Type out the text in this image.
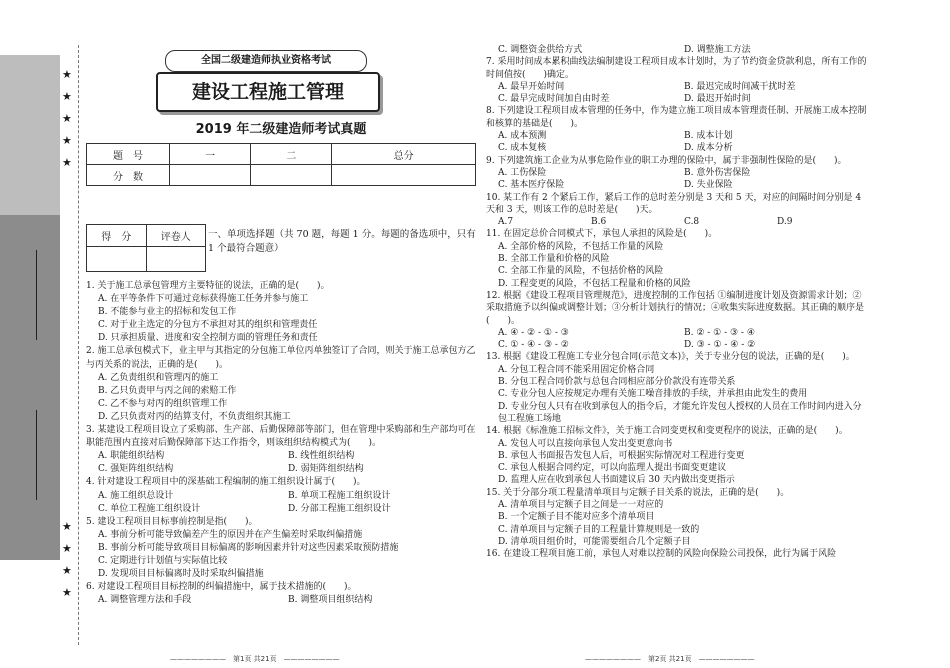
★
★
★
★
★
★
★
★
★
全国二级建造师执业资格考试
建设工程施工管理
2019 年二级建造师考试真题
题　号	一	二	总分
分　数			
得　分	评卷人
	一、单项选择题（共 70 题，每题 1 分。每题的备选项中，只有 1 个最符合题意）
1. 关于施工总承包管理方主要特征的说法，正确的是(　　)。
A. 在平等条件下可通过竞标获得施工任务并参与施工
B. 不能参与业主的招标和发包工作
C. 对于业主选定的分包方不承担对其的组织和管理责任
D. 只承担质量、进度和安全控制方面的管理任务和责任
2. 施工总承包模式下，业主甲与其指定的分包施工单位丙单独签订了合同，则关于施工总承包方乙与丙关系的说法，正确的是(　　)。
A. 乙负责组织和管理丙的施工
B. 乙只负责甲与丙之间的索赔工作
C. 乙不参与对丙的组织管理工作
D. 乙只负责对丙的结算支付，不负责组织其施工
3. 某建设工程项目设立了采购部、生产部、后勤保障部等部门，但在管理中采购部和生产部均可在职能范围内直接对后勤保障部下达工作指令，则该组织结构模式为(　　)。
A. 职能组织结构	B. 线性组织结构
C. 强矩阵组织结构	D. 弱矩阵组织结构
4. 针对建设工程项目中的深基础工程编制的施工组织设计属于(　　)。
A. 施工组织总设计	B. 单项工程施工组织设计
C. 单位工程施工组织设计	D. 分部工程施工组织设计
5. 建设工程项目目标事前控制是指(　　)。
A. 事前分析可能导致偏差产生的原因并在产生偏差时采取纠偏措施
B. 事前分析可能导致项目目标偏离的影响因素并针对这些因素采取预防措施
C. 定期进行计划值与实际值比较
D. 发现项目目标偏离时及时采取纠偏措施
6. 对建设工程项目目标控制的纠偏措施中，属于技术措施的(　　)。
A. 调整管理方法和手段	B. 调整项目组织结构
C. 调整资金供给方式	D. 调整施工方法
7. 采用时间成本累积曲线法编制建设工程项目成本计划时，为了节约资金贷款利息，所有工作的时间值按(　　)确定。
A. 最早开始时间	B. 最迟完成时间减干扰时差
C. 最早完成时间加自由时差	D. 最迟开始时间
8. 下列建设工程项目成本管理的任务中，作为建立施工项目成本管理责任制、开展施工成本控制和核算的基础是(　　)。
A. 成本预测	B. 成本计划
C. 成本复核	D. 成本分析
9. 下列建筑施工企业为从事危险作业的职工办理的保险中，属于非强制性保险的是(　　)。
A. 工伤保险	B. 意外伤害保险
C. 基本医疗保险	D. 失业保险
10. 某工作有 2 个紧后工作，紧后工作的总时差分别是 3 天和 5 天，对应的间隔时间分别是 4 天和 3 天，则该工作的总时差是(　　)天。
A.7	B.6	C.8	D.9
11. 在固定总价合同模式下，承包人承担的风险是(　　)。
A. 全部价格的风险，不包括工作量的风险
B. 全部工作量和价格的风险
C. 全部工作量的风险，不包括价格的风险
D. 工程变更的风险，不包括工程量和价格的风险
12. 根据《建设工程项目管理规范》，进度控制的工作包括 ①编制进度计划及资源需求计划；②采取措施予以纠偏或调整计划；③分析计划执行的情况；④收集实际进度数据。其正确的顺序是(　　)。
A. ④ - ② - ① - ③	B. ② - ① - ③ - ④
C. ① - ④ - ③ - ②	D. ③ - ① - ④ - ②
13. 根据《建设工程施工专业分包合同(示范文本)》，关于专业分包的说法，正确的是(　　)。
A. 分包工程合同不能采用固定价格合同
B. 分包工程合同价款与总包合同相应部分价款没有连带关系
C. 专业分包人应按规定办理有关施工噪音排放的手续，并承担由此发生的费用
D. 专业分包人只有在收到承包人的指令后，才能允许发包人授权的人员在工作时间内进入分包工程施工场地
14. 根据《标准施工招标文件》，关于施工合同变更权和变更程序的说法，正确的是(　　)。
A. 发包人可以直接向承包人发出变更意向书
B. 承包人书面报告发包人后，可根据实际情况对工程进行变更
C. 承包人根据合同约定，可以向监理人提出书面变更建议
D. 监理人应在收到承包人书面建议后 30 天内做出变更指示
15. 关于分部分项工程量清单项目与定额子目关系的说法，正确的是(　　)。
A. 清单项目与定额子目之间是一一对应的
B. 一个定额子目不能对应多个清单项目
C. 清单项目与定额子目的工程量计算规则是一致的
D. 清单项目组价时，可能需要组合几个定额子目
16. 在建设工程项目施工前，承包人对难以控制的风险向保险公司投保，此行为属于风险
————————　第1页 共21页　————————	————————　第2页 共21页　————————
